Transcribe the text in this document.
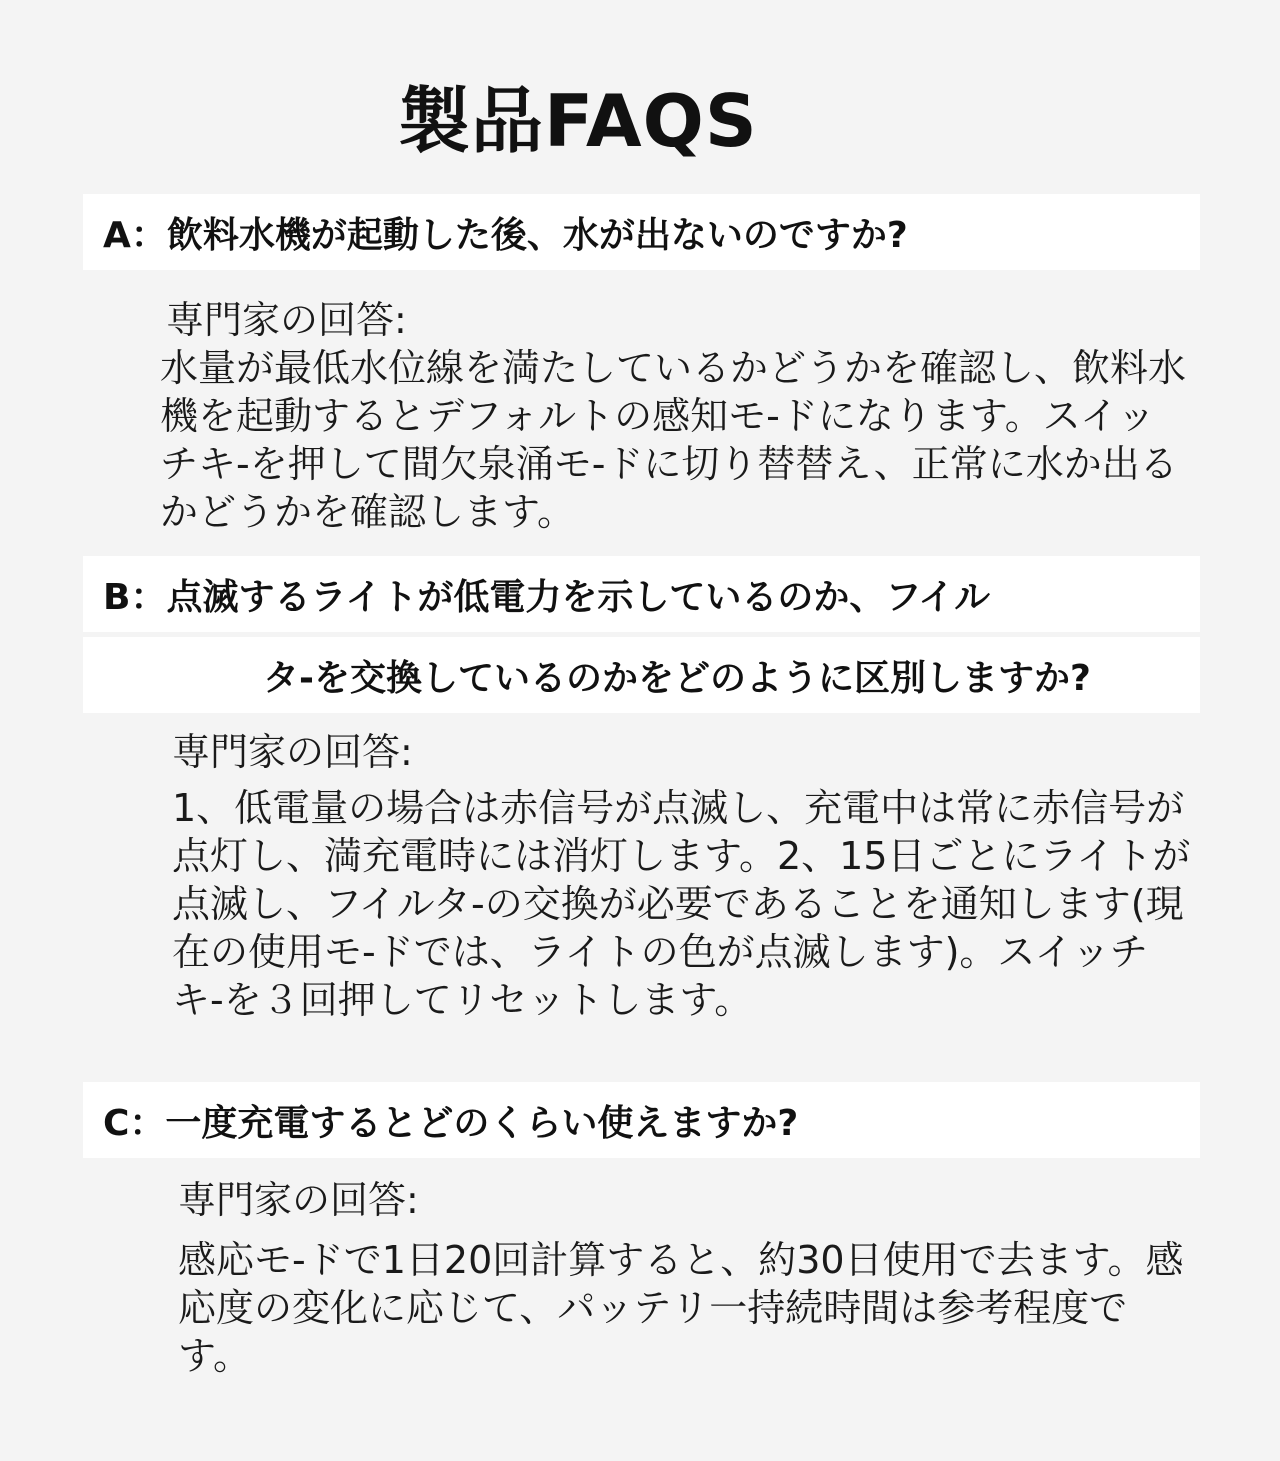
製品FAQS
A：飲料水機が起動した後、水が出ないのですか?
専門家の回答:
水量が最低水位線を満たしているかどうかを確認し、飲料水機を起動するとデフォルトの感知モ-ドになります。スイッチキ-を押して間欠泉涌モ-ドに切り替替え、正常に水か出るかどうかを確認します。
B：点滅するライトが低電力を示しているのか、フイル
タ-を交換しているのかをどのように区別しますか?
専門家の回答:
1、低電量の場合は赤信号が点滅し、充電中は常に赤信号が点灯し、満充電時には消灯します。2、15日ごとにライトが点滅し、フイルタ-の交換が必要であることを通知します(現在の使用モ-ドでは、ライトの色が点滅します)。スイッチキ-を３回押してリセットします。
C：一度充電するとどのくらい使えますか?
専門家の回答:
感応モ-ドで1日20回計算すると、約30日使用で去ます。感応度の変化に応じて、パッテリ一持続時間は参考程度です。
